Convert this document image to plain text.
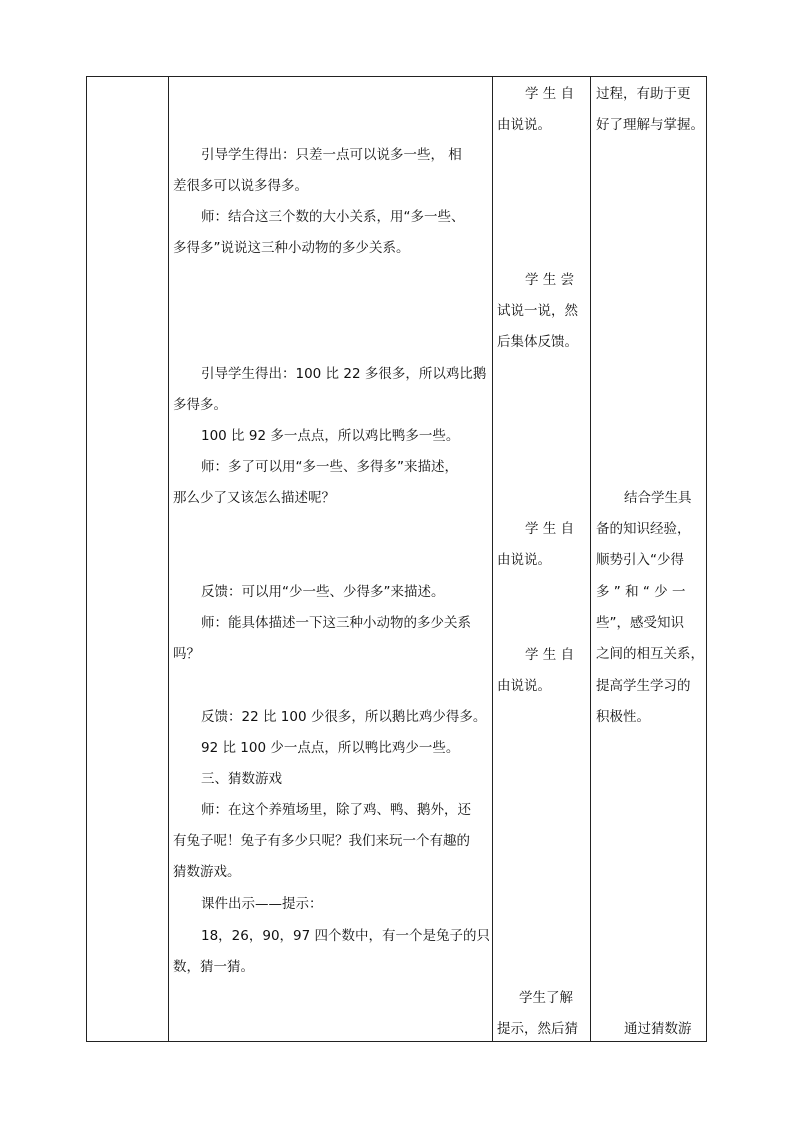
引导学生得出：只差一点可以说多一些， 相
差很多可以说多得多。
师：结合这三个数的大小关系，用“多一些、
多得多”说说这三种小动物的多少关系。
引导学生得出：100 比 22 多很多，所以鸡比鹅
多得多。
100 比 92 多一点点，所以鸡比鸭多一些。
师：多了可以用“多一些、多得多”来描述，
那么少了又该怎么描述呢？
反馈：可以用“少一些、少得多”来描述。
师：能具体描述一下这三种小动物的多少关系
吗？
反馈：22 比 100 少很多，所以鹅比鸡少得多。
92 比 100 少一点点，所以鸭比鸡少一些。
三、猜数游戏
师：在这个养殖场里，除了鸡、鸭、鹅外，还
有兔子呢！兔子有多少只呢？我们来玩一个有趣的
猜数游戏。
课件出示——提示：
18，26，90，97 四个数中，有一个是兔子的只
数，猜一猜。
学 生 自
由说说。
学 生 尝
试说一说，然
后集体反馈。
学 生 自
由说说。
学 生 自
由说说。
学生了解
提示，然后猜
过程，有助于更
好了理解与掌握。
结合学生具
备的知识经验，
顺势引入“少得
多 ” 和 “ 少 一
些”，感受知识
之间的相互关系，
提高学生学习的
积极性。
通过猜数游
